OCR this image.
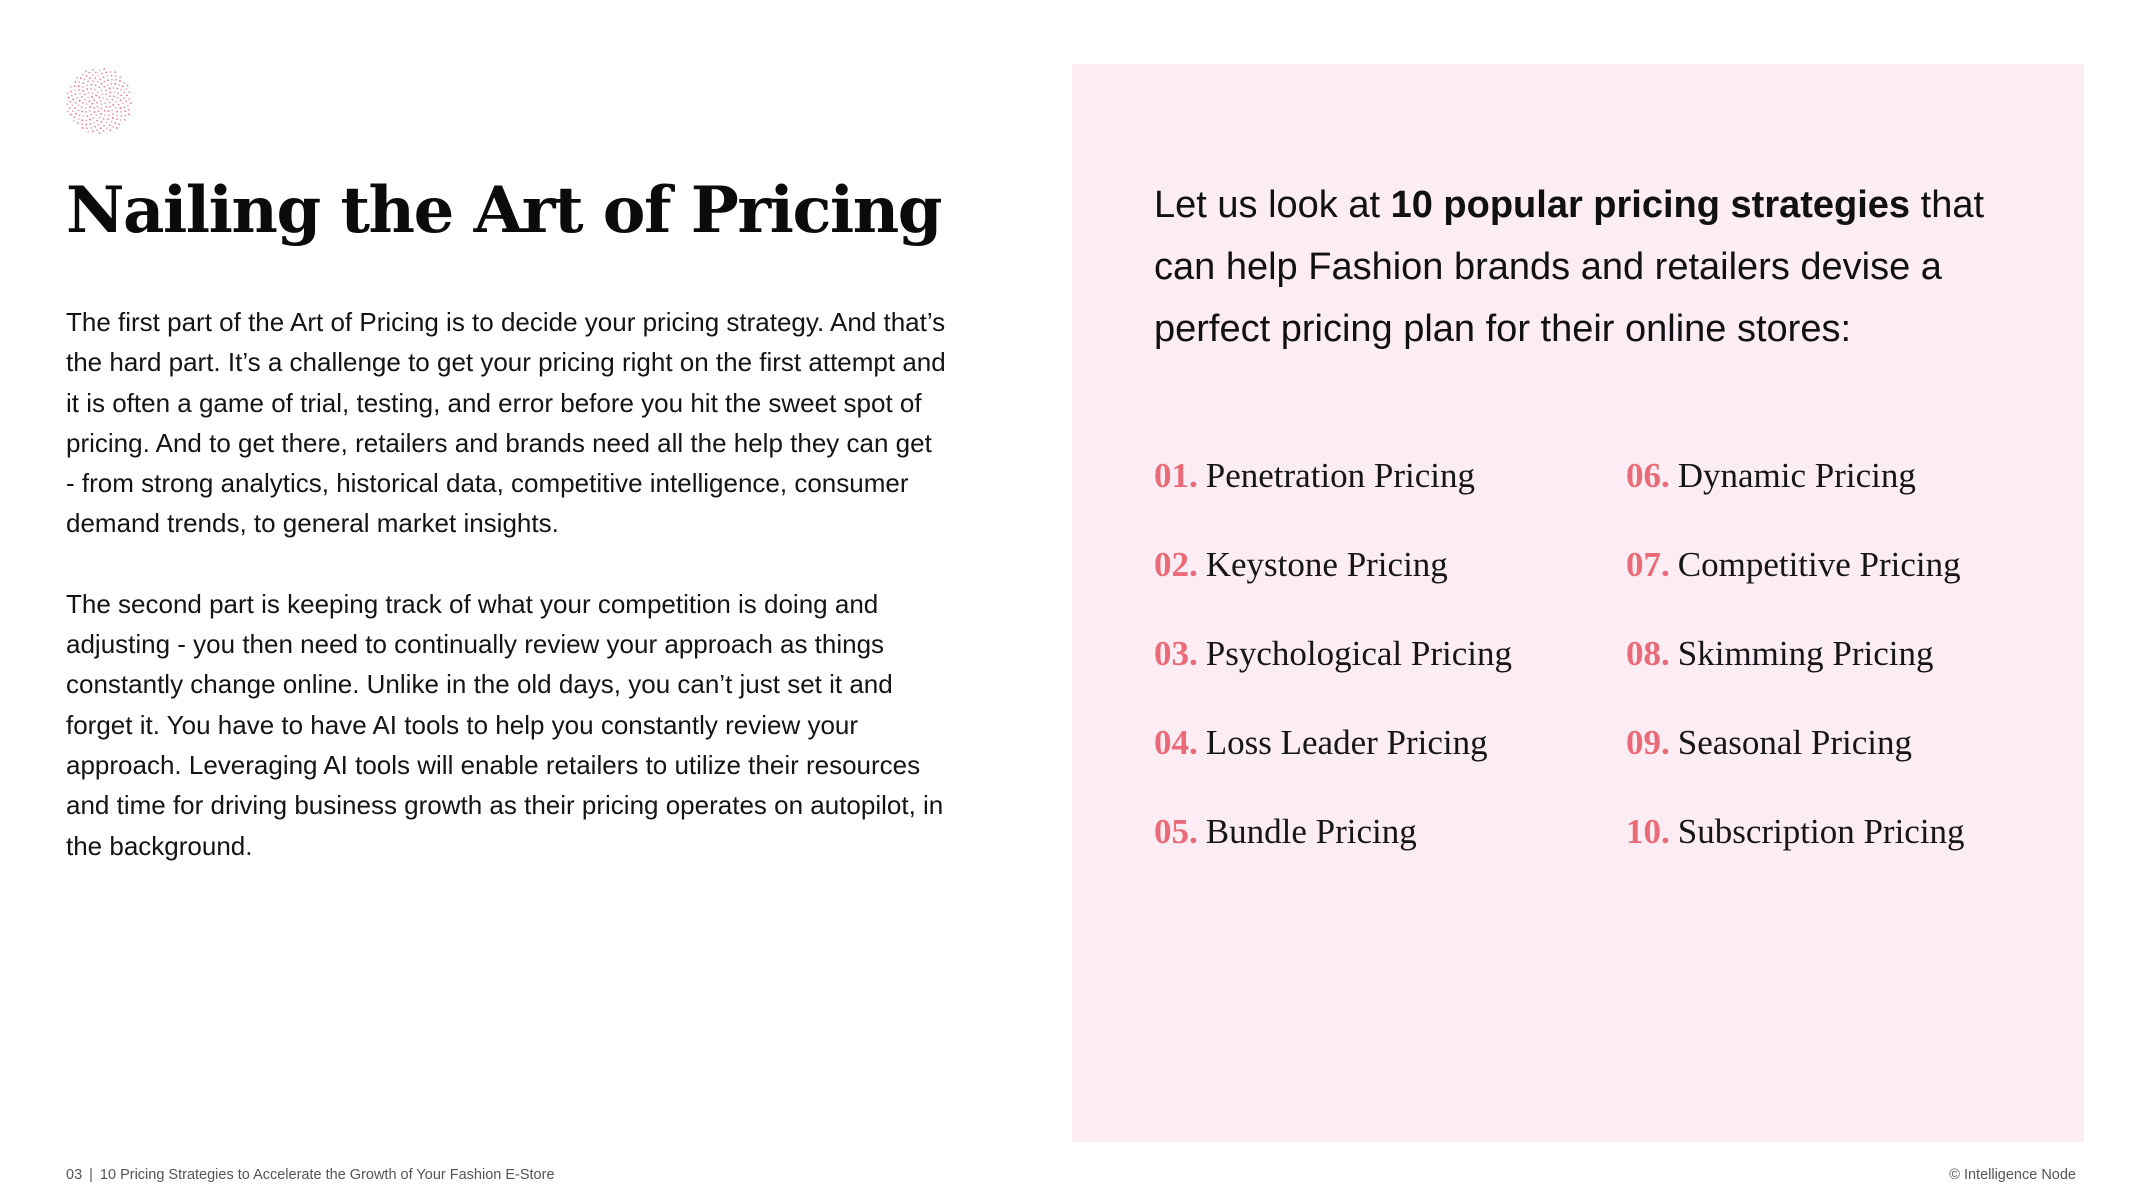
Nailing the Art of Pricing

The first part of the Art of Pricing is to decide your pricing strategy. And that’s the hard part. It’s a challenge to get your pricing right on the first attempt and it is often a game of trial, testing, and error before you hit the sweet spot of pricing. And to get there, retailers and brands need all the help they can get - from strong analytics, historical data, competitive intelligence, consumer demand trends, to general market insights.

The second part is keeping track of what your competition is doing and adjusting - you then need to continually review your approach as things constantly change online. Unlike in the old days, you can’t just set it and forget it. You have to have AI tools to help you constantly review your approach. Leveraging AI tools will enable retailers to utilize their resources and time for driving business growth as their pricing operates on autopilot, in the background.

Let us look at 10 popular pricing strategies that can help Fashion brands and retailers devise a perfect pricing plan for their online stores:

01. Penetration Pricing
02. Keystone Pricing
03. Psychological Pricing
04. Loss Leader Pricing
05. Bundle Pricing
06. Dynamic Pricing
07. Competitive Pricing
08. Skimming Pricing
09. Seasonal Pricing
10. Subscription Pricing
03 | 10 Pricing Strategies to Accelerate the Growth of Your Fashion E-Store	© Intelligence Node
